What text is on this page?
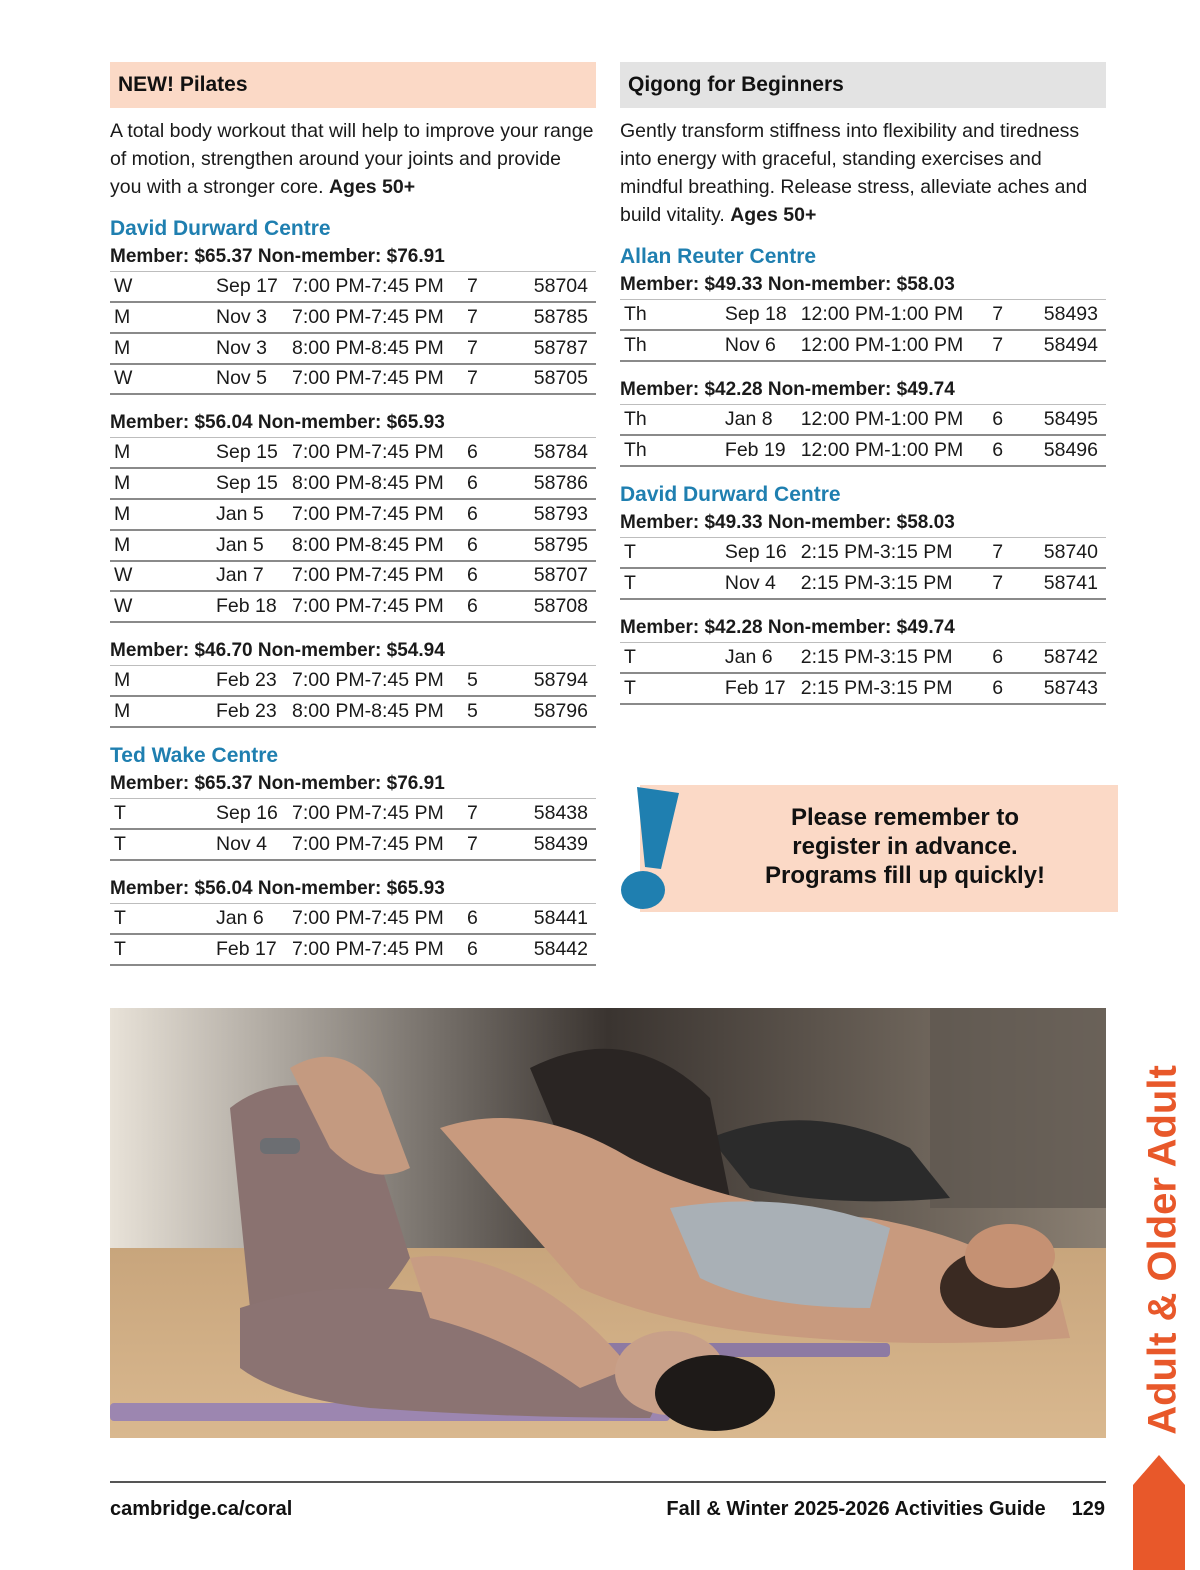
NEW! Pilates

A total body workout that will help to improve your range of motion, strengthen around your joints and provide you with a stronger core. Ages 50+

David Durward Centre
Member: $65.37 Non-member: $76.91
W	Sep 17	7:00 PM-7:45 PM	7	58704
M	Nov 3	7:00 PM-7:45 PM	7	58785
M	Nov 3	8:00 PM-8:45 PM	7	58787
W	Nov 5	7:00 PM-7:45 PM	7	58705
Member: $56.04 Non-member: $65.93
M	Sep 15	7:00 PM-7:45 PM	6	58784
M	Sep 15	8:00 PM-8:45 PM	6	58786
M	Jan 5	7:00 PM-7:45 PM	6	58793
M	Jan 5	8:00 PM-8:45 PM	6	58795
W	Jan 7	7:00 PM-7:45 PM	6	58707
W	Feb 18	7:00 PM-7:45 PM	6	58708
Member: $46.70 Non-member: $54.94
M	Feb 23	7:00 PM-7:45 PM	5	58794
M	Feb 23	8:00 PM-8:45 PM	5	58796
Ted Wake Centre
Member: $65.37 Non-member: $76.91
T	Sep 16	7:00 PM-7:45 PM	7	58438
T	Nov 4	7:00 PM-7:45 PM	7	58439
Member: $56.04 Non-member: $65.93
T	Jan 6	7:00 PM-7:45 PM	6	58441
T	Feb 17	7:00 PM-7:45 PM	6	58442
Qigong for Beginners

Gently transform stiffness into flexibility and tiredness into energy with graceful, standing exercises and mindful breathing. Release stress, alleviate aches and build vitality. Ages 50+

Allan Reuter Centre
Member: $49.33 Non-member: $58.03
Th	Sep 18	12:00 PM-1:00 PM	7	58493
Th	Nov 6	12:00 PM-1:00 PM	7	58494
Member: $42.28 Non-member: $49.74
Th	Jan 8	12:00 PM-1:00 PM	6	58495
Th	Feb 19	12:00 PM-1:00 PM	6	58496
David Durward Centre
Member: $49.33 Non-member: $58.03
T	Sep 16	2:15 PM-3:15 PM	7	58740
T	Nov 4	2:15 PM-3:15 PM	7	58741
Member: $42.28 Non-member: $49.74
T	Jan 6	2:15 PM-3:15 PM	6	58742
T	Feb 17	2:15 PM-3:15 PM	6	58743
Please remember to
register in advance.
Programs fill up quickly!
Adult & Older Adult
cambridge.ca/coral	Fall & Winter 2025-2026 Activities Guide 129
